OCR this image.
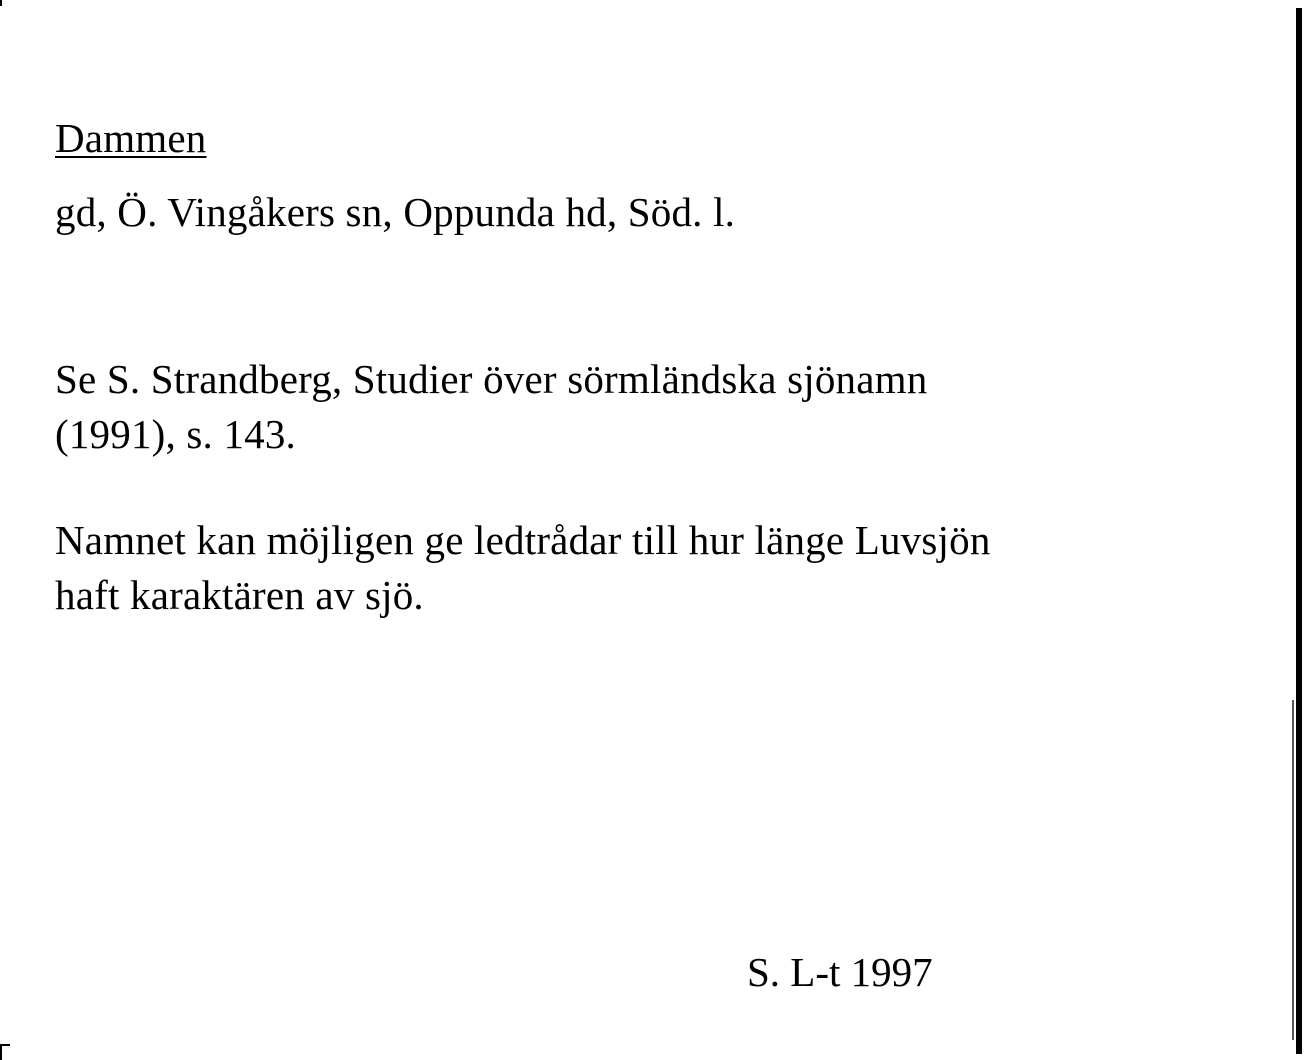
Dammen
gd, Ö. Vingåkers sn, Oppunda hd, Söd. l.
Se S. Strandberg, Studier över sörmländska sjönamn
(1991), s. 143.
Namnet kan möjligen ge ledtrådar till hur länge Luvsjön
haft karaktären av sjö.
S. L-t 1997
